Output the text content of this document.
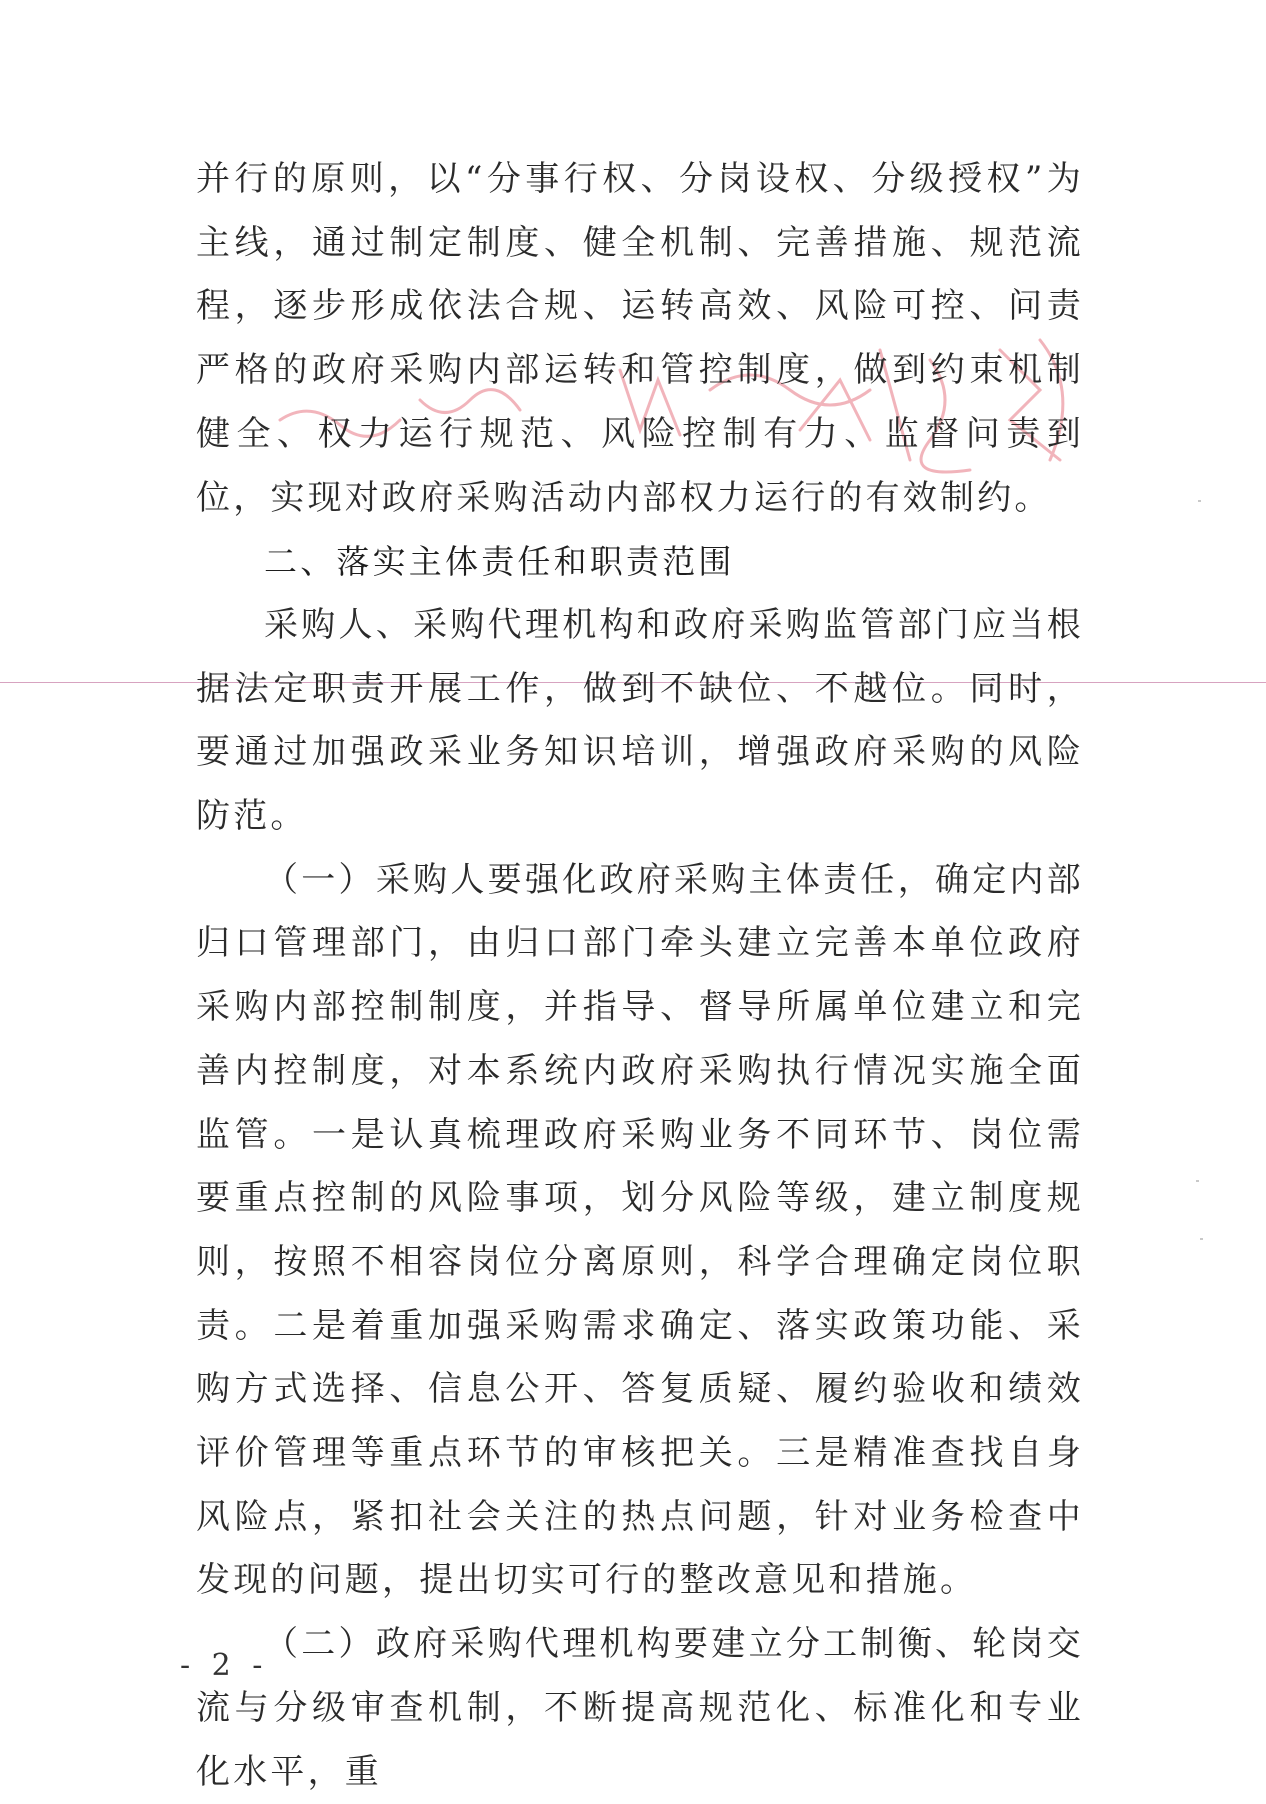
并行的原则，以“分事行权、分岗设权、分级授权”为主线，通过制定制度、健全机制、完善措施、规范流程，逐步形成依法合规、运转高效、风险可控、问责严格的政府采购内部运转和管控制度，做到约束机制健全、权力运行规范、风险控制有力、监督问责到位，实现对政府采购活动内部权力运行的有效制约。

二、落实主体责任和职责范围

采购人、采购代理机构和政府采购监管部门应当根据法定职责开展工作，做到不缺位、不越位。同时，要通过加强政采业务知识培训，增强政府采购的风险防范。

（一）采购人要强化政府采购主体责任，确定内部归口管理部门，由归口部门牵头建立完善本单位政府采购内部控制制度，并指导、督导所属单位建立和完善内控制度，对本系统内政府采购执行情况实施全面监管。一是认真梳理政府采购业务不同环节、岗位需要重点控制的风险事项，划分风险等级，建立制度规则，按照不相容岗位分离原则，科学合理确定岗位职责。二是着重加强采购需求确定、落实政策功能、采购方式选择、信息公开、答复质疑、履约验收和绩效评价管理等重点环节的审核把关。三是精准查找自身风险点，紧扣社会关注的热点问题，针对业务检查中发现的问题，提出切实可行的整改意见和措施。

（二）政府采购代理机构要建立分工制衡、轮岗交流与分级审查机制，不断提高规范化、标准化和专业化水平，重

- 2 -
